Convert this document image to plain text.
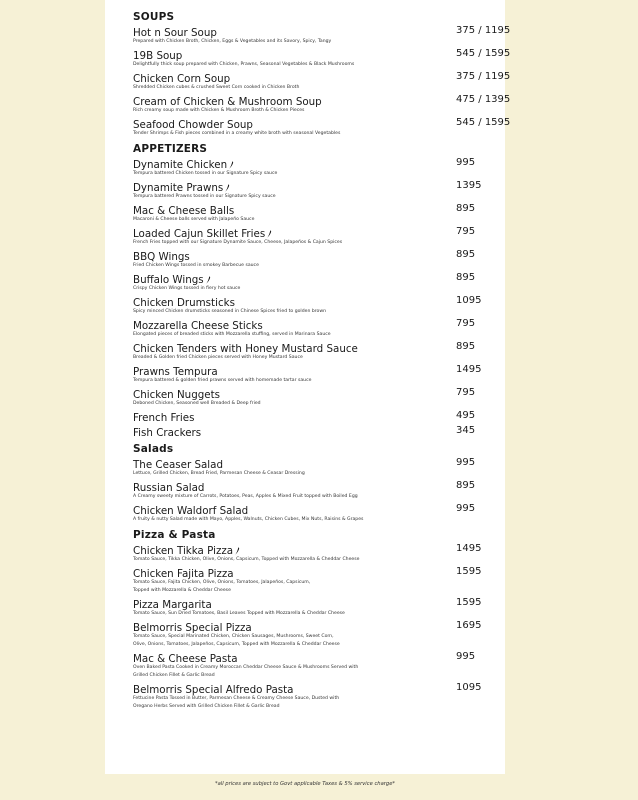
SOUPS
Hot n Sour Soup	375 / 1195
Prepared with Chicken Broth, Chicken, Eggs & Vegetables and its Savory, Spicy, Tangy
19B Soup	545 / 1595
Delightfully thick soup prepared with Chicken, Prawns, Seasonal Vegetables & Black Mushrooms
Chicken Corn Soup	375 / 1195
Shredded Chicken cubes & crushed Sweet Corn cooked in Chicken Broth
Cream of Chicken & Mushroom Soup	475 / 1395
Rich creamy soup made with Chicken & Mushroom Broth & Chicken Pieces
Seafood Chowder Soup	545 / 1595
Tender Shrimps & Fish pieces combined in a creamy white broth with seasonal Vegetables
APPETIZERS
Dynamite Chicken	995
Tempura battered Chicken tossed in our Signature Spicy sauce
Dynamite Prawns	1395
Tempura battered Prawns tossed in our Signature Spicy sauce
Mac & Cheese Balls	895
Macaroni & Cheese balls served with Jalapeño Sauce
Loaded Cajun Skillet Fries	795
French Fries topped with our Signature Dynamite Sauce, Cheese, Jalapeños & Cajun Spices
BBQ Wings	895
Fried Chicken Wings tossed in smokey Barbecue sauce
Buffalo Wings	895
Crispy Chicken Wings tossed in fiery hot sauce
Chicken Drumsticks	1095
Spicy minced Chicken drumsticks seasoned in Chinese Spices fried to golden brown
Mozzarella Cheese Sticks	795
Elongated pieces of breaded sticks with Mozzarella stuffing, served in Marinara Sauce
Chicken Tenders with Honey Mustard Sauce	895
Breaded & Golden fried Chicken pieces served with Honey Mustard Sauce
Prawns Tempura	1495
Tempura battered & golden fried prawns served with homemade tartar sauce
Chicken Nuggets	795
Deboned Chicken, Seasoned well Breaded & Deep fried
French Fries	495
Fish Crackers	345
Salads
The Ceaser Salad	995
Lettuce, Grilled Chicken, Bread Fried, Parmesan Cheese & Ceasar Dressing
Russian Salad	895
A Creamy sweety mixture of Carrots, Potatoes, Peas, Apples & Mixed Fruit topped with Boiled Egg
Chicken Waldorf Salad	995
A fruity & nutty Salad made with Mayo, Apples, Walnuts, Chicken Cubes, Mix Nuts, Raisins & Grapes
Pizza & Pasta
Chicken Tikka Pizza	1495
Tomato Sauce, Tikka Chicken, Olive, Onions, Capsicum, Topped with Mozzarella & Cheddar Cheese
Chicken Fajita Pizza	1595
Tomato Sauce, Fajita Chicken, Olive, Onions, Tomatoes, Jalapeños, Capsicum,
Topped with Mozzarella & Cheddar Cheese
Pizza Margarita	1595
Tomato Sauce, Sun Dried Tomatoes, Basil Leaves Topped with Mozzarella & Cheddar Cheese
Belmorris Special Pizza	1695
Tomato Sauce, Special Marinated Chicken, Chicken Sausages, Mushrooms, Sweet Corn,
Olive, Onions, Tomatoes, Jalapeños, Capsicum, Topped with Mozzarella & Cheddar Cheese
Mac & Cheese Pasta	995
Oven Baked Pasta Cooked in Creamy Moroccan Cheddar Cheese Sauce & Mushrooms Served with
Grilled Chicken Fillet & Garlic Bread
Belmorris Special Alfredo Pasta	1095
Fettucine Pasta Tossed in Butter, Parmesan Cheese & Creamy Cheese Sauce, Dusted with
Oregano Herbs Served with Grilled Chicken Fillet & Garlic Bread
*all prices are subject to Govt applicable Taxes & 5% service charge*
